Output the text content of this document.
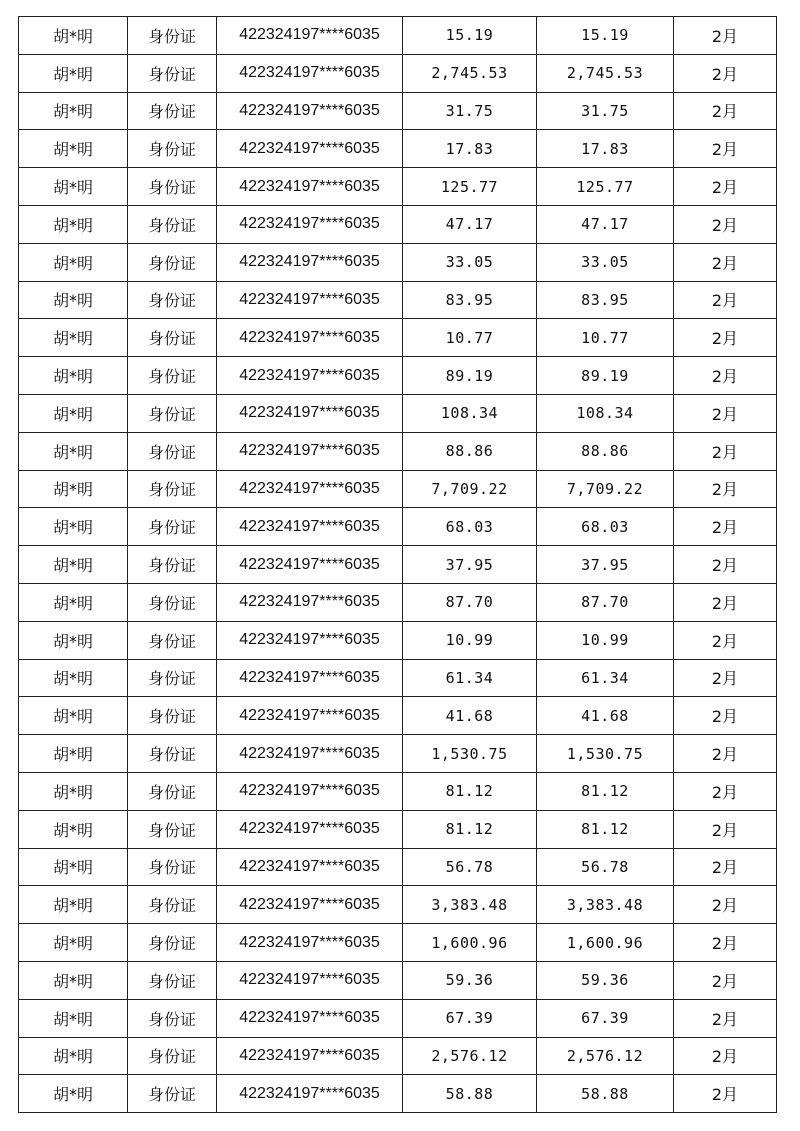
胡*明	身份证	422324197****6035	15.19	15.19	2月
胡*明	身份证	422324197****6035	2,745.53	2,745.53	2月
胡*明	身份证	422324197****6035	31.75	31.75	2月
胡*明	身份证	422324197****6035	17.83	17.83	2月
胡*明	身份证	422324197****6035	125.77	125.77	2月
胡*明	身份证	422324197****6035	47.17	47.17	2月
胡*明	身份证	422324197****6035	33.05	33.05	2月
胡*明	身份证	422324197****6035	83.95	83.95	2月
胡*明	身份证	422324197****6035	10.77	10.77	2月
胡*明	身份证	422324197****6035	89.19	89.19	2月
胡*明	身份证	422324197****6035	108.34	108.34	2月
胡*明	身份证	422324197****6035	88.86	88.86	2月
胡*明	身份证	422324197****6035	7,709.22	7,709.22	2月
胡*明	身份证	422324197****6035	68.03	68.03	2月
胡*明	身份证	422324197****6035	37.95	37.95	2月
胡*明	身份证	422324197****6035	87.70	87.70	2月
胡*明	身份证	422324197****6035	10.99	10.99	2月
胡*明	身份证	422324197****6035	61.34	61.34	2月
胡*明	身份证	422324197****6035	41.68	41.68	2月
胡*明	身份证	422324197****6035	1,530.75	1,530.75	2月
胡*明	身份证	422324197****6035	81.12	81.12	2月
胡*明	身份证	422324197****6035	81.12	81.12	2月
胡*明	身份证	422324197****6035	56.78	56.78	2月
胡*明	身份证	422324197****6035	3,383.48	3,383.48	2月
胡*明	身份证	422324197****6035	1,600.96	1,600.96	2月
胡*明	身份证	422324197****6035	59.36	59.36	2月
胡*明	身份证	422324197****6035	67.39	67.39	2月
胡*明	身份证	422324197****6035	2,576.12	2,576.12	2月
胡*明	身份证	422324197****6035	58.88	58.88	2月
